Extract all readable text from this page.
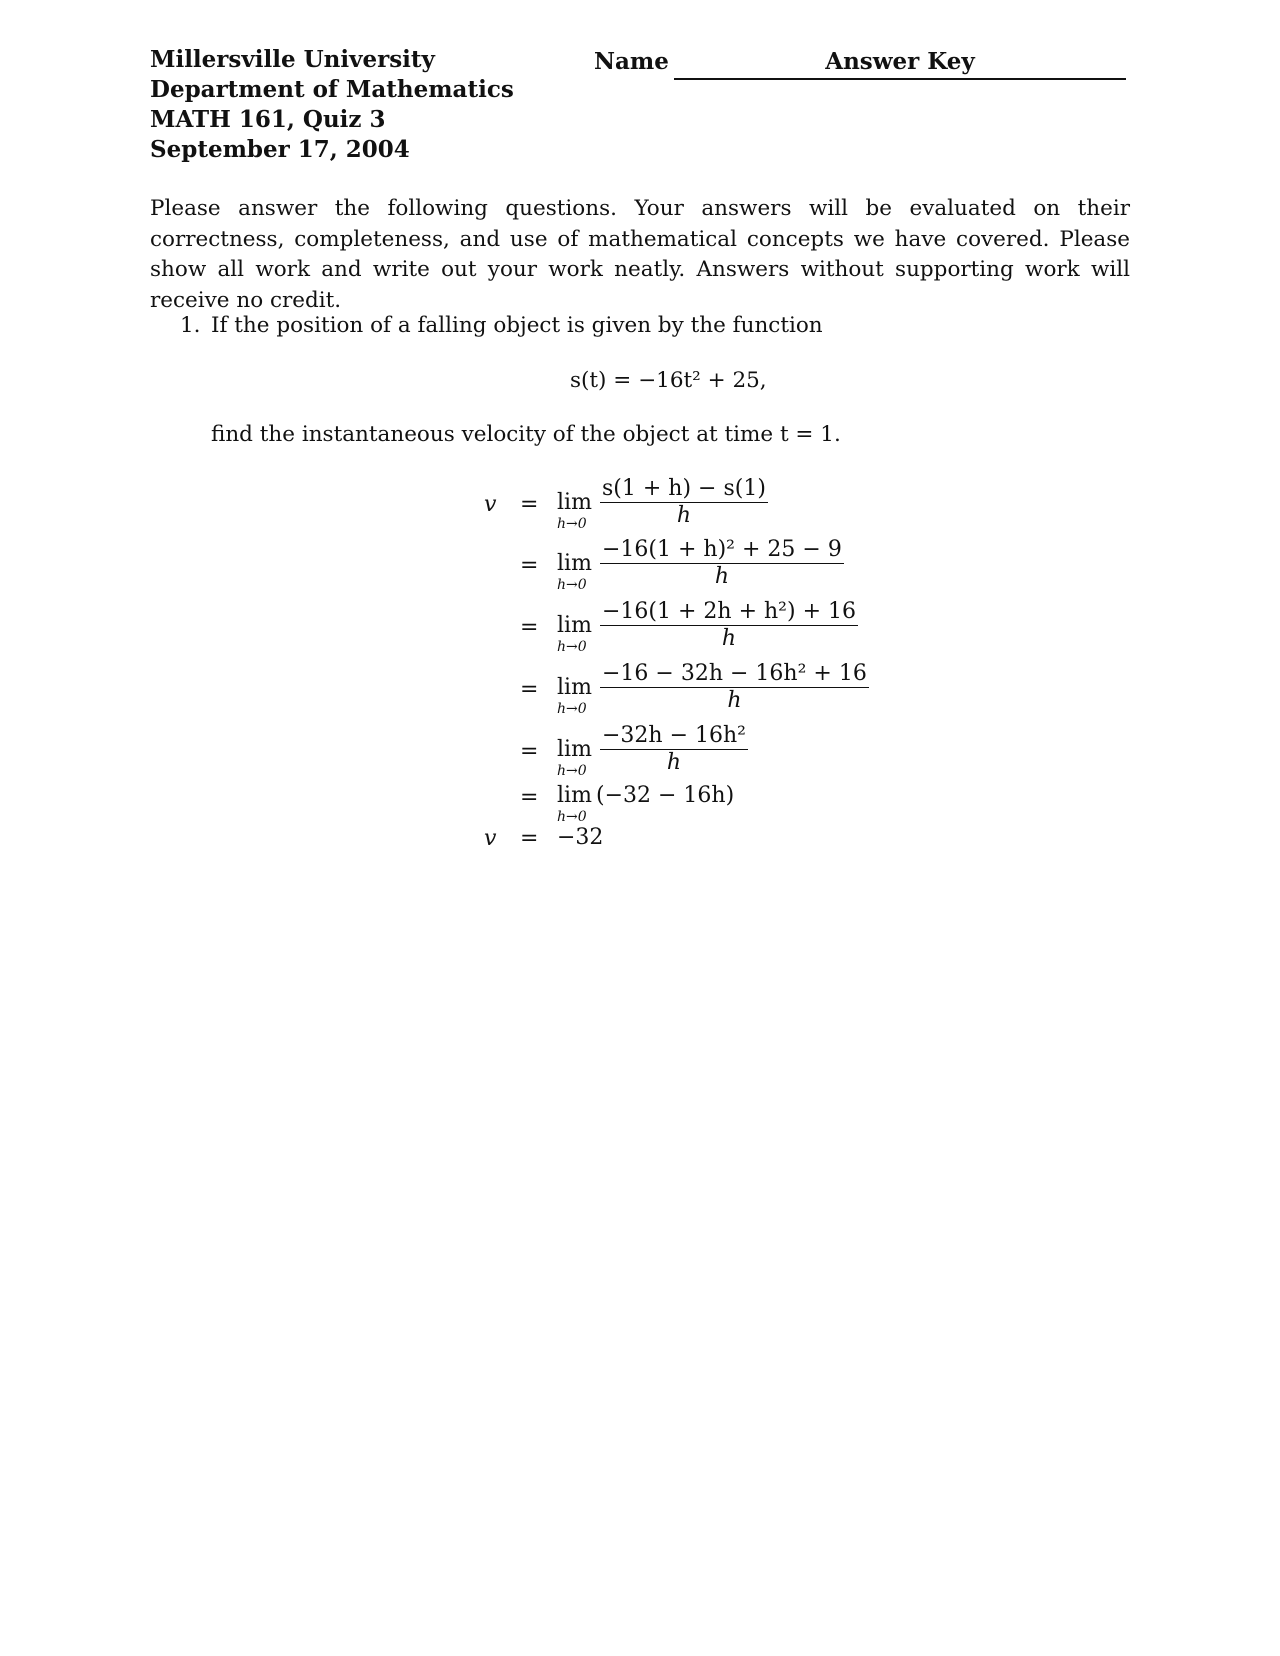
Millersville University
Department of Mathematics
MATH 161, Quiz 3
September 17, 2004
Name	Answer Key
Please answer the following questions. Your answers will be evaluated on their correctness, completeness, and use of mathematical concepts we have covered. Please show all work and write out your work neatly. Answers without supporting work will receive no credit.
1. If the position of a falling object is given by the function
s(t) = −16t² + 25,
find the instantaneous velocity of the object at time t = 1.
v = lim
$h\to 0 \frac{s(1 + h) - s(1)}{h}$
= lim
$h\to 0 \frac{\text{−16(1 + h)² + 25 − 9}}{h}$
= lim
$h\to 0 \frac{\text{−16(1 + 2h + h²) + 16}}{h}$
= lim
$h\to 0 \frac{\text{−16 − 32h − 16h² + 16}}{h}$
= lim
$h\to 0 \frac{\text{−32h − 16h²}}{h}$
= lim
h→0
(−32 − 16h)
v = −32
